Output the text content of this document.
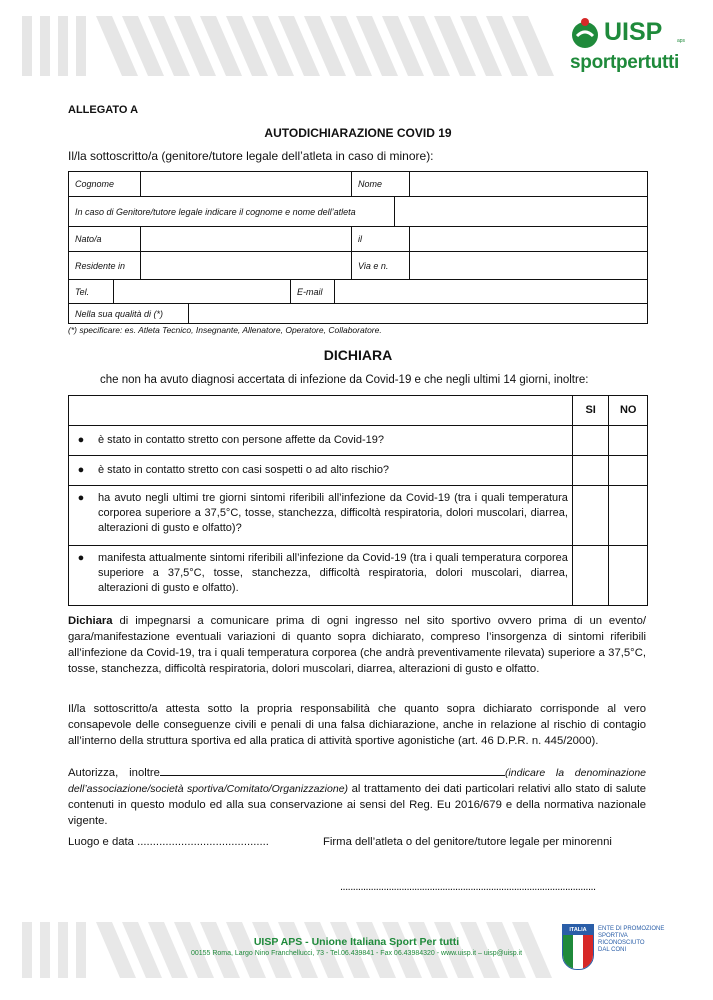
UISP	aps
sportpertutti
ALLEGATO A
AUTODICHIARAZIONE COVID 19
Il/la sottoscritto/a (genitore/tutore legale dell’atleta in caso di minore):
Cognome	Nome
In caso di Genitore/tutore legale indicare il cognome e nome dell’atleta
Nato/a	il
Residente in	Via e n.
Tel.	E-mail
Nella sua qualità di (*)
(*) specificare: es. Atleta Tecnico, Insegnante, Allenatore, Operatore, Collaboratore.
DICHIARA
che non ha avuto diagnosi accertata di infezione da Covid-19 e che negli ultimi 14 giorni, inoltre:
	SI	NO

● è stato in contatto stretto con persone affette da Covid-19?		

● è stato in contatto stretto con casi sospetti o ad alto rischio?		

● ha avuto negli ultimi tre giorni sintomi riferibili all’infezione da Covid-19 (tra i quali temperatura corporea superiore a 37,5°C, tosse, stanchezza, difficoltà respiratoria, dolori muscolari, diarrea, alterazioni di gusto e olfatto)?		

● manifesta attualmente sintomi riferibili all’infezione da Covid-19 (tra i quali temperatura corporea superiore a 37,5°C, tosse, stanchezza, difficoltà respiratoria, dolori muscolari, diarrea, alterazioni di gusto e olfatto).		

Dichiara di impegnarsi a comunicare prima di ogni ingresso nel sito sportivo ovvero prima di un evento/ gara/manifestazione eventuali variazioni di quanto sopra dichiarato, compreso l’insorgenza di sintomi riferibili all’infezione da Covid-19, tra i quali temperatura corporea (che andrà preventivamente rilevata) superiore a 37,5°C, tosse, stanchezza, difficoltà respiratoria, dolori muscolari, diarrea, alterazioni di gusto e olfatto.
Il/la sottoscritto/a attesta sotto la propria responsabilità che quanto sopra dichiarato corrisponde al vero consapevole delle conseguenze civili e penali di una falsa dichiarazione, anche in relazione al rischio di contagio all’interno della struttura sportiva ed alla pratica di attività sportive agonistiche (art. 46 D.P.R. n. 445/2000).
Autorizza, inoltre	(indicare la denominazione dell’associazione/società sportiva/Comitato/Organizzazione) al trattamento dei dati particolari relativi allo stato di salute contenuti in questo modulo ed alla sua conservazione ai sensi del Reg. Eu 2016/679 e della normativa nazionale vigente.
Luogo e data ..........................................	Firma dell’atleta o del genitore/tutore legale per minorenni
....................................................................................................
UISP APS - Unione Italiana Sport Per tutti
00155 Roma, Largo Nino Franchellucci, 73 - Tel.06.439841 - Fax 06.43984320 - www.uisp.it – uisp@uisp.it
ITALIA	ENTE DI PROMOZIONE
SPORTIVA
RICONOSCIUTO
DAL CONI
